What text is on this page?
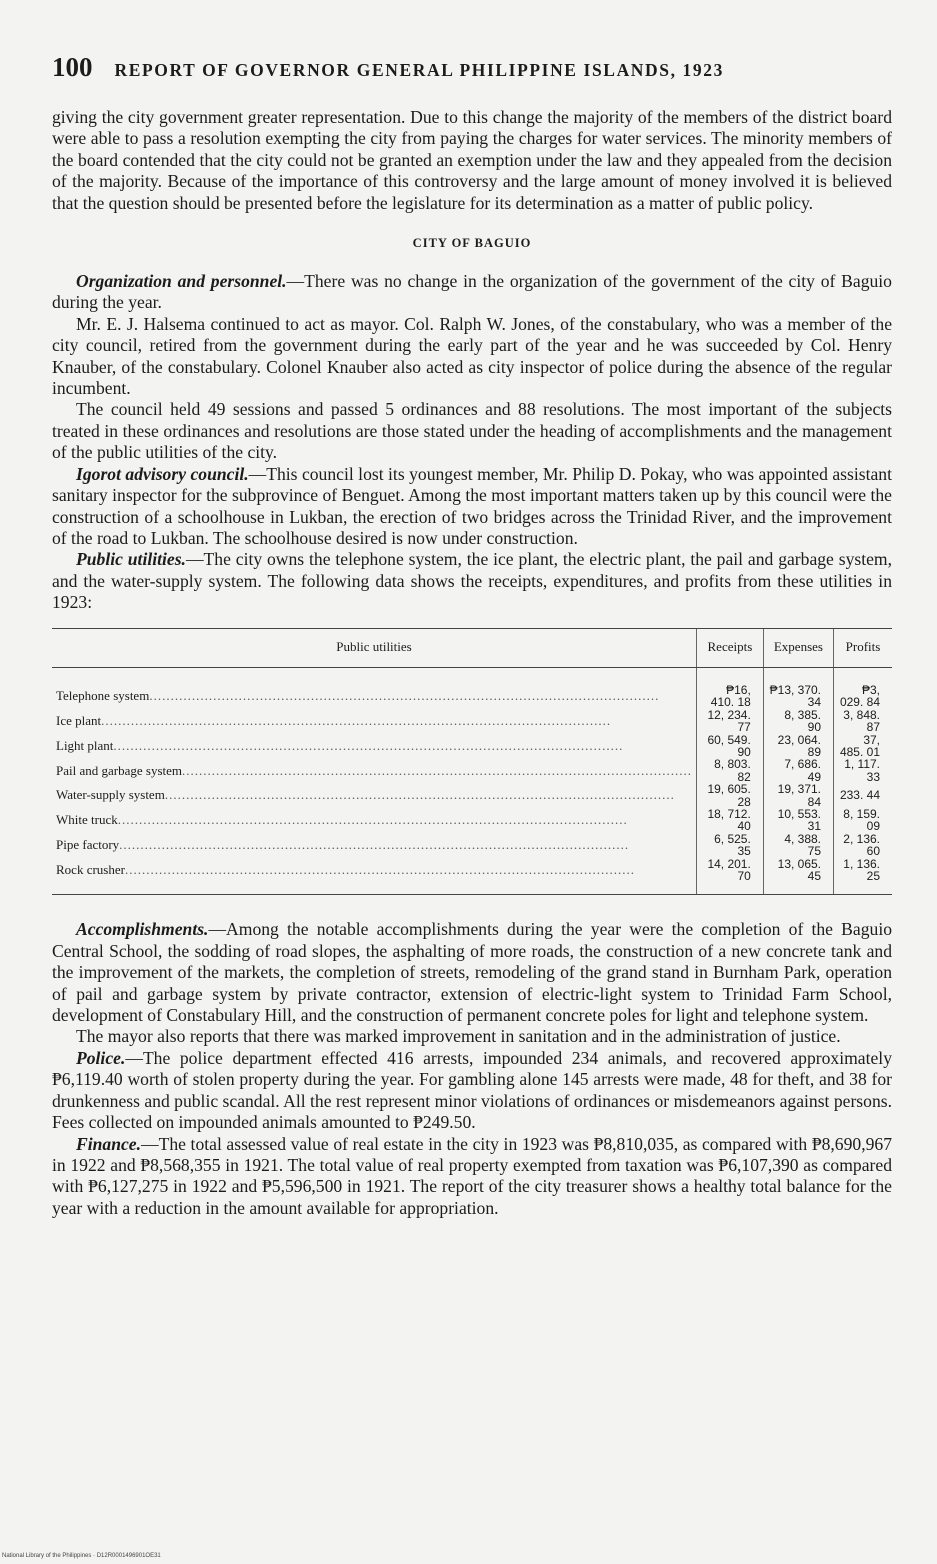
100 REPORT OF GOVERNOR GENERAL PHILIPPINE ISLANDS, 1923

giving the city government greater representation. Due to this change the majority of the members of the district board were able to pass a resolution exempting the city from paying the charges for water services. The minority members of the board contended that the city could not be granted an exemption under the law and they appealed from the decision of the majority. Because of the importance of this controversy and the large amount of money involved it is believed that the question should be presented before the legislature for its determination as a matter of public policy.

CITY OF BAGUIO

Organization and personnel.—There was no change in the organization of the government of the city of Baguio during the year.

Mr. E. J. Halsema continued to act as mayor. Col. Ralph W. Jones, of the constabulary, who was a member of the city council, retired from the government during the early part of the year and he was succeeded by Col. Henry Knauber, of the constabulary. Colonel Knauber also acted as city inspector of police during the absence of the regular incumbent.

The council held 49 sessions and passed 5 ordinances and 88 resolutions. The most important of the subjects treated in these ordinances and resolutions are those stated under the heading of accomplishments and the management of the public utilities of the city.

Igorot advisory council.—This council lost its youngest member, Mr. Philip D. Pokay, who was appointed assistant sanitary inspector for the subprovince of Benguet. Among the most important matters taken up by this council were the construction of a schoolhouse in Lukban, the erection of two bridges across the Trinidad River, and the improvement of the road to Lukban. The schoolhouse desired is now under construction.

Public utilities.—The city owns the telephone system, the ice plant, the electric plant, the pail and garbage system, and the water-supply system. The following data shows the receipts, expenditures, and profits from these utilities in 1923:

Public utilities	Receipts	Expenses	Profits
Telephone system........................................................................................................................	₱16, 410. 18	₱13, 370. 34	₱3, 029. 84
Ice plant........................................................................................................................	12, 234. 77	8, 385. 90	3, 848. 87
Light plant........................................................................................................................	60, 549. 90	23, 064. 89	37, 485. 01
Pail and garbage system........................................................................................................................	8, 803. 82	7, 686. 49	1, 117. 33
Water-supply system........................................................................................................................	19, 605. 28	19, 371. 84	233. 44
White truck........................................................................................................................	18, 712. 40	10, 553. 31	8, 159. 09
Pipe factory........................................................................................................................	6, 525. 35	4, 388. 75	2, 136. 60
Rock crusher........................................................................................................................	14, 201. 70	13, 065. 45	1, 136. 25

Accomplishments.—Among the notable accomplishments during the year were the completion of the Baguio Central School, the sodding of road slopes, the asphalting of more roads, the construction of a new concrete tank and the improvement of the markets, the completion of streets, remodeling of the grand stand in Burnham Park, operation of pail and garbage system by private contractor, extension of electric-light system to Trinidad Farm School, development of Constabulary Hill, and the construction of permanent concrete poles for light and telephone system.

The mayor also reports that there was marked improvement in sanitation and in the administration of justice.

Police.—The police department effected 416 arrests, impounded 234 animals, and recovered approximately ₱6,119.40 worth of stolen property during the year. For gambling alone 145 arrests were made, 48 for theft, and 38 for drunkenness and public scandal. All the rest represent minor violations of ordinances or misdemeanors against persons. Fees collected on impounded animals amounted to ₱249.50.

Finance.—The total assessed value of real estate in the city in 1923 was ₱8,810,035, as compared with ₱8,690,967 in 1922 and ₱8,568,355 in 1921. The total value of real property exempted from taxation was ₱6,107,390 as compared with ₱6,127,275 in 1922 and ₱5,596,500 in 1921. The report of the city treasurer shows a healthy total balance for the year with a reduction in the amount available for appropriation.

National Library of the Philippines · D12R0001496901OE31
